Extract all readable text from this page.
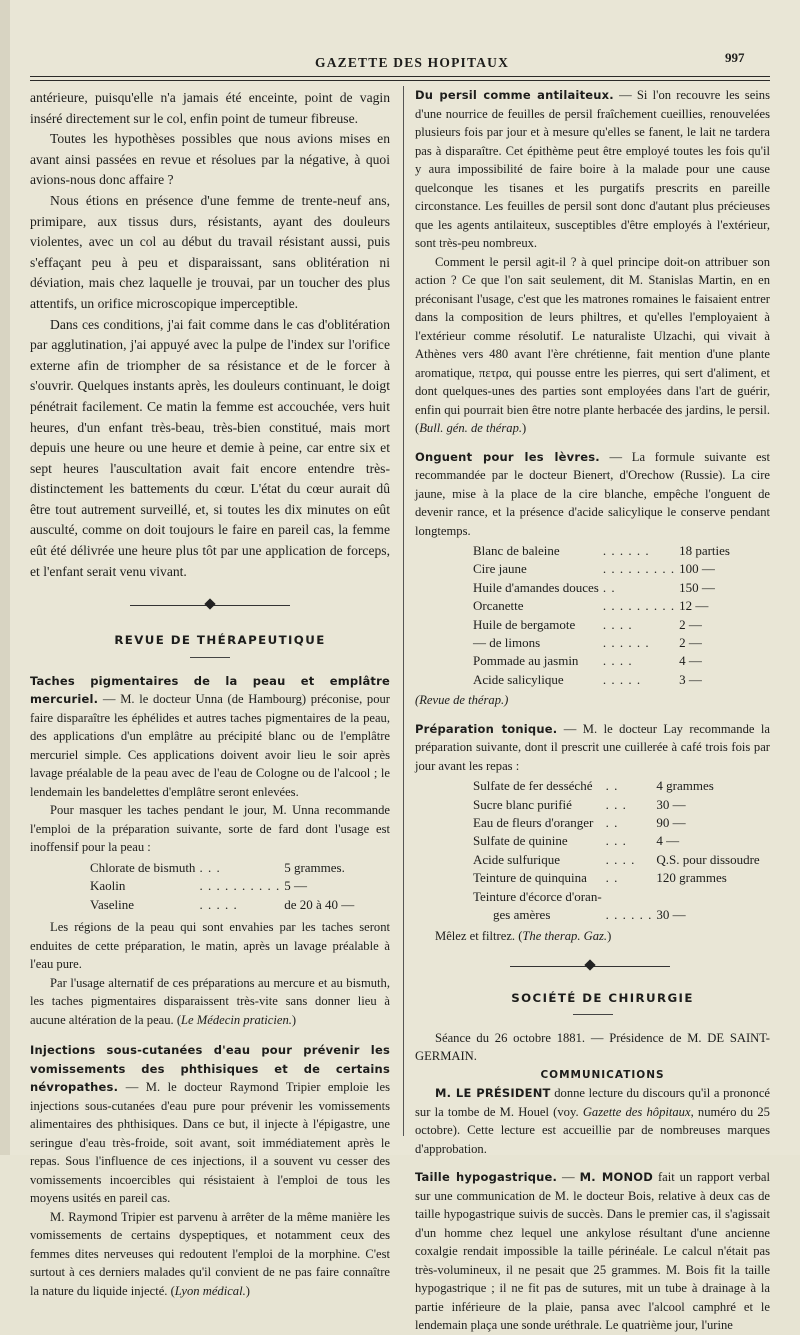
GAZETTE DES HOPITAUX	997

antérieure, puisqu'elle n'a jamais été enceinte, point de vagin inséré directement sur le col, enfin point de tumeur fibreuse.

Toutes les hypothèses possibles que nous avions mises en avant ainsi passées en revue et résolues par la négative, à quoi avions-nous donc affaire ?

Nous étions en présence d'une femme de trente-neuf ans, primipare, aux tissus durs, résistants, ayant des douleurs violentes, avec un col au début du travail résistant aussi, puis s'effaçant peu à peu et disparaissant, sans oblitération ni déviation, mais chez laquelle je trouvai, par un toucher des plus attentifs, un orifice microscopique imperceptible.

Dans ces conditions, j'ai fait comme dans le cas d'oblitération par agglutination, j'ai appuyé avec la pulpe de l'index sur l'orifice externe afin de triompher de sa résistance et de le forcer à s'ouvrir. Quelques instants après, les douleurs continuant, le doigt pénétrait facilement. Ce matin la femme est accouchée, vers huit heures, d'un enfant très-beau, très-bien constitué, mais mort depuis une heure ou une heure et demie à peine, car entre six et sept heures l'auscultation avait fait encore entendre très-distinctement les battements du cœur. L'état du cœur aurait dû être tout autrement surveillé, et, si toutes les dix minutes on eût ausculté, comme on doit toujours le faire en pareil cas, la femme eût été délivrée une heure plus tôt par une application de forceps, et l'enfant serait venu vivant.

REVUE DE THÉRAPEUTIQUE

Taches pigmentaires de la peau et emplâtre mercuriel. — M. le docteur Unna (de Hambourg) préconise, pour faire disparaître les éphélides et autres taches pigmentaires de la peau, des applications d'un emplâtre au précipité blanc ou de l'emplâtre mercuriel simple. Ces applications doivent avoir lieu le soir après lavage préalable de la peau avec de l'eau de Cologne ou de l'alcool ; le lendemain les bandelettes d'emplâtre seront enlevées.

Pour masquer les taches pendant le jour, M. Unna recommande l'emploi de la préparation suivante, sorte de fard dont l'usage est inoffensif pour la peau :

Chlorate de bismuth	. . .	5 grammes.
Kaolin	. . . . . . . . . .	5 —
Vaseline	. . . . .	de 20 à 40 —

Les régions de la peau qui sont envahies par les taches seront enduites de cette préparation, le matin, après un lavage préalable à l'eau pure.

Par l'usage alternatif de ces préparations au mercure et au bismuth, les taches pigmentaires disparaissent très-vite sans donner lieu à aucune altération de la peau. (Le Médecin praticien.)

Injections sous-cutanées d'eau pour prévenir les vomissements des phthisiques et de certains névropathes. — M. le docteur Raymond Tripier emploie les injections sous-cutanées d'eau pure pour prévenir les vomissements alimentaires des phthisiques. Dans ce but, il injecte à l'épigastre, une seringue d'eau très-froide, soit avant, soit immédiatement après le repas. Sous l'influence de ces injections, il a souvent vu cesser des vomissements incoercibles qui résistaient à l'emploi de tous les moyens usités en pareil cas.

M. Raymond Tripier est parvenu à arrêter de la même manière les vomissements de certains dyspeptiques, et notamment ceux des femmes dites nerveuses qui redoutent l'emploi de la morphine. C'est surtout à ces derniers malades qu'il convient de ne pas faire connaître la nature du liquide injecté. (Lyon médical.)

Du persil comme antilaiteux. — Si l'on recouvre les seins d'une nourrice de feuilles de persil fraîchement cueillies, renouvelées plusieurs fois par jour et à mesure qu'elles se fanent, le lait ne tardera pas à disparaître. Cet épithème peut être employé toutes les fois qu'il y aura impossibilité de faire boire à la malade pour une cause quelconque les tisanes et les purgatifs prescrits en pareille circonstance. Les feuilles de persil sont donc d'autant plus précieuses que les agents antilaiteux, susceptibles d'être employés à l'extérieur, sont très-peu nombreux.

Comment le persil agit-il ? à quel principe doit-on attribuer son action ? Ce que l'on sait seulement, dit M. Stanislas Martin, en en préconisant l'usage, c'est que les matrones romaines le faisaient entrer dans la composition de leurs philtres, et qu'elles l'employaient à l'extérieur comme résolutif. Le naturaliste Ulzachi, qui vivait à Athènes vers 480 avant l'ère chrétienne, fait mention d'une plante aromatique, πετρα, qui pousse entre les pierres, qui sert d'aliment, et dont quelques-unes des parties sont employées dans l'art de guérir, enfin qui pourrait bien être notre plante herbacée des jardins, le persil. (Bull. gén. de thérap.)

Onguent pour les lèvres. — La formule suivante est recommandée par le docteur Bienert, d'Orechow (Russie). La cire jaune, mise à la place de la cire blanche, empêche l'onguent de devenir rance, et la présence d'acide salicylique le conserve pendant longtemps.

Blanc de baleine	. . . . . .	18 parties
Cire jaune	. . . . . . . . .	100 —
Huile d'amandes douces	. .	150 —
Orcanette	. . . . . . . . .	12 —
Huile de bergamote	. . . .	2 —
— de limons	. . . . . .	2 —
Pommade au jasmin	. . . .	4 —
Acide salicylique	. . . . .	3 —

(Revue de thérap.)

Préparation tonique. — M. le docteur Lay recommande la préparation suivante, dont il prescrit une cuillerée à café trois fois par jour avant les repas :

Sulfate de fer desséché	. .	4 grammes
Sucre blanc purifié	. . .	30 —
Eau de fleurs d'oranger	. .	90 —
Sulfate de quinine	. . .	4 —
Acide sulfurique	. . . .	Q.S. pour dissoudre
Teinture de quinquina	. .	120 grammes
Teinture d'écorce d'oran-		
ges amères	. . . . . .	30 —

Mêlez et filtrez. (The therap. Gaz.)

SOCIÉTÉ DE CHIRURGIE

Séance du 26 octobre 1881. — Présidence de M. DE SAINT-GERMAIN.

COMMUNICATIONS

M. LE PRÉSIDENT donne lecture du discours qu'il a prononcé sur la tombe de M. Houel (voy. Gazette des hôpitaux, numéro du 25 octobre). Cette lecture est accueillie par de nombreuses marques d'approbation.

Taille hypogastrique. — M. MONOD fait un rapport verbal sur une communication de M. le docteur Bois, relative à deux cas de taille hypogastrique suivis de succès. Dans le premier cas, il s'agissait d'un homme chez lequel une ankylose résultant d'une ancienne coxalgie rendait impossible la taille périnéale. Le calcul n'était pas très-volumineux, il ne pesait que 25 grammes. M. Bois fit la taille hypogastrique ; il ne fit pas de sutures, mit un tube à drainage à la partie inférieure de la plaie, pansa avec l'alcool camphré et le lendemain plaça une sonde uréthrale. Le quatrième jour, l'urine
